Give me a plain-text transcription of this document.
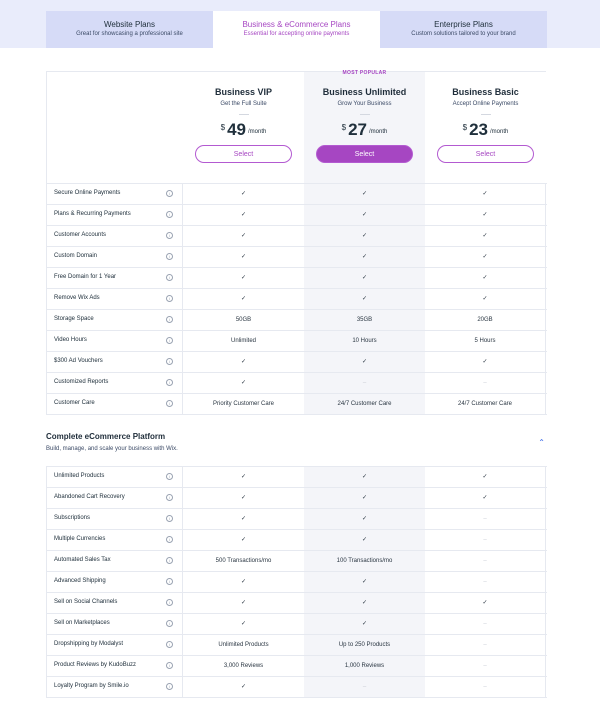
Website Plans
Great for showcasing a professional site
Business & eCommerce Plans
Essential for accepting online payments
Enterprise Plans
Custom solutions tailored to your brand
Business VIP
Get the Full Suite
$ 49 /month
Select
MOST POPULAR
Business Unlimited
Grow Your Business
$ 27 /month
Select
Business Basic
Accept Online Payments
$ 23 /month
Select
Secure Online Payments	i	✓	✓	✓
Plans & Recurring Payments	i	✓	✓	✓
Customer Accounts	i	✓	✓	✓
Custom Domain	i	✓	✓	✓
Free Domain for 1 Year	i	✓	✓	✓
Remove Wix Ads	i	✓	✓	✓
Storage Space	i	50GB	35GB	20GB
Video Hours	i	Unlimited	10 Hours	5 Hours
$300 Ad Vouchers	i	✓	✓	✓
Customized Reports	i	✓	–	–
Customer Care	i	Priority Customer Care	24/7 Customer Care	24/7 Customer Care
Complete eCommerce Platform
Build, manage, and scale your business with Wix.
⌃
Unlimited Products	i	✓	✓	✓
Abandoned Cart Recovery	i	✓	✓	✓
Subscriptions	i	✓	✓	–
Multiple Currencies	i	✓	✓	–
Automated Sales Tax	i	500 Transactions/mo	100 Transactions/mo	–
Advanced Shipping	i	✓	✓	–
Sell on Social Channels	i	✓	✓	✓
Sell on Marketplaces	i	✓	✓	–
Dropshipping by Modalyst	i	Unlimited Products	Up to 250 Products	–
Product Reviews by KudoBuzz	i	3,000 Reviews	1,000 Reviews	–
Loyalty Program by Smile.io	i	✓	–	–
